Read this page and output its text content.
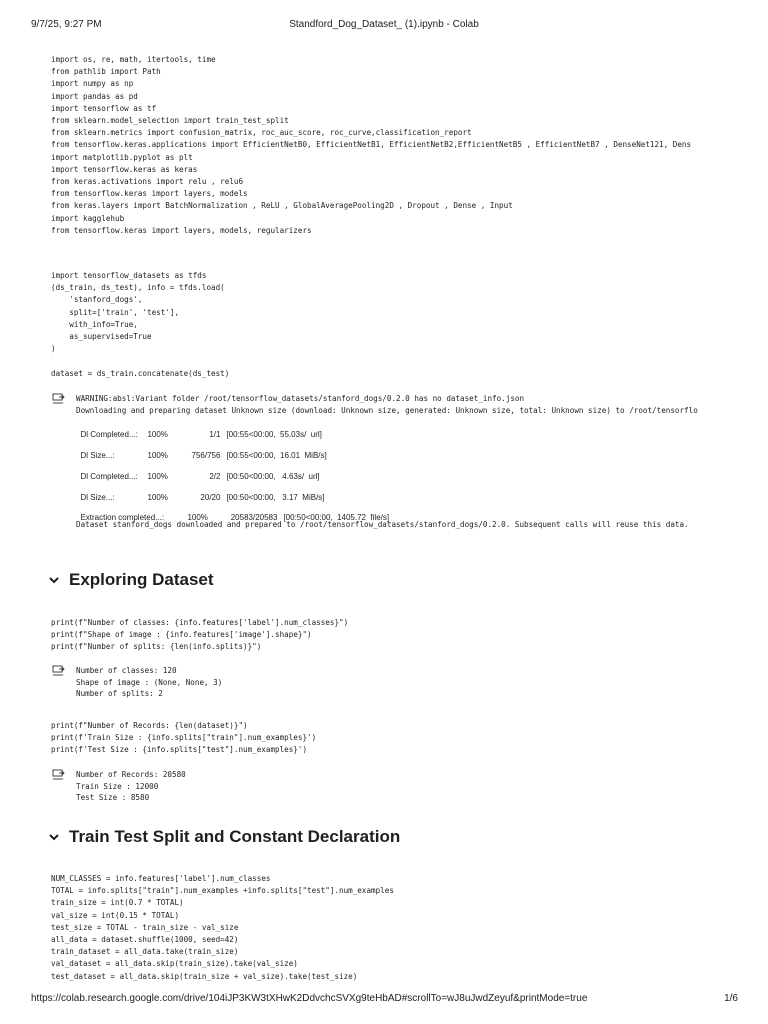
9/7/25, 9:27 PM	Standford_Dog_Dataset_ (1).ipynb - Colab
import os, re, math, itertools, time
from pathlib import Path
import numpy as np
import pandas as pd
import tensorflow as tf
from sklearn.model_selection import train_test_split
from sklearn.metrics import confusion_matrix, roc_auc_score, roc_curve,classification_report
from tensorflow.keras.applications import EfficientNetB0, EfficientNetB1, EfficientNetB2,EfficientNetB5 , EfficientNetB7 , DenseNet121, Dens
import matplotlib.pyplot as plt
import tensorflow.keras as keras
from keras.activations import relu , relu6
from tensorflow.keras import layers, models
from keras.layers import BatchNormalization , ReLU , GlobalAveragePooling2D , Dropout , Dense , Input
import kagglehub
from tensorflow.keras import layers, models, regularizers
import tensorflow_datasets as tfds
(ds_train, ds_test), info = tfds.load(
'stanford_dogs',
split=['train', 'test'],
with_info=True,
as_supervised=True
)

dataset = ds_train.concatenate(ds_test)
WARNING:absl:Variant folder /root/tensorflow_datasets/stanford_dogs/0.2.0 has no dataset_info.json
Downloading and preparing dataset Unknown size (download: Unknown size, generated: Unknown size, total: Unknown size) to /root/tensorflo

Dl Completed...: 100%	1/1 [00:55<00:00,  55.03s/  url]

Dl Size...:	100%	756/756 [00:55<00:00,  16.01  MiB/s]

Dl Completed...: 100%	2/2 [00:50<00:00,   4.63s/  url]

Dl Size...:	100%	20/20 [00:50<00:00,   3.17  MiB/s]

Extraction completed...:	100%	20583/20583 [00:50<00:00,  1405.72  file/s]

Dataset stanford_dogs downloaded and prepared to /root/tensorflow_datasets/stanford_dogs/0.2.0. Subsequent calls will reuse this data.
Exploring Dataset
print(f"Number of classes: {info.features['label'].num_classes}")
print(f"Shape of image : {info.features['image'].shape}")
print(f"Number of splits: {len(info.splits)}")
Number of classes: 120
Shape of image : (None, None, 3)
Number of splits: 2
print(f"Number of Records: {len(dataset)}")
print(f'Train Size : {info.splits["train"].num_examples}')
print(f'Test Size : {info.splits["test"].num_examples}')
Number of Records: 20580
Train Size : 12000
Test Size : 8580
Train Test Split and Constant Declaration
NUM_CLASSES = info.features['label'].num_classes
TOTAL = info.splits["train"].num_examples +info.splits["test"].num_examples
train_size = int(0.7 * TOTAL)
val_size = int(0.15 * TOTAL)
test_size = TOTAL - train_size - val_size
all_data = dataset.shuffle(1000, seed=42)
train_dataset = all_data.take(train_size)
val_dataset = all_data.skip(train_size).take(val_size)
test_dataset = all_data.skip(train_size + val_size).take(test_size)
https://colab.research.google.com/drive/104iJP3KW3tXHwK2DdvchcSVXg9teHbAD#scrollTo=wJ8uJwdZeyuf&printMode=true	1/6
